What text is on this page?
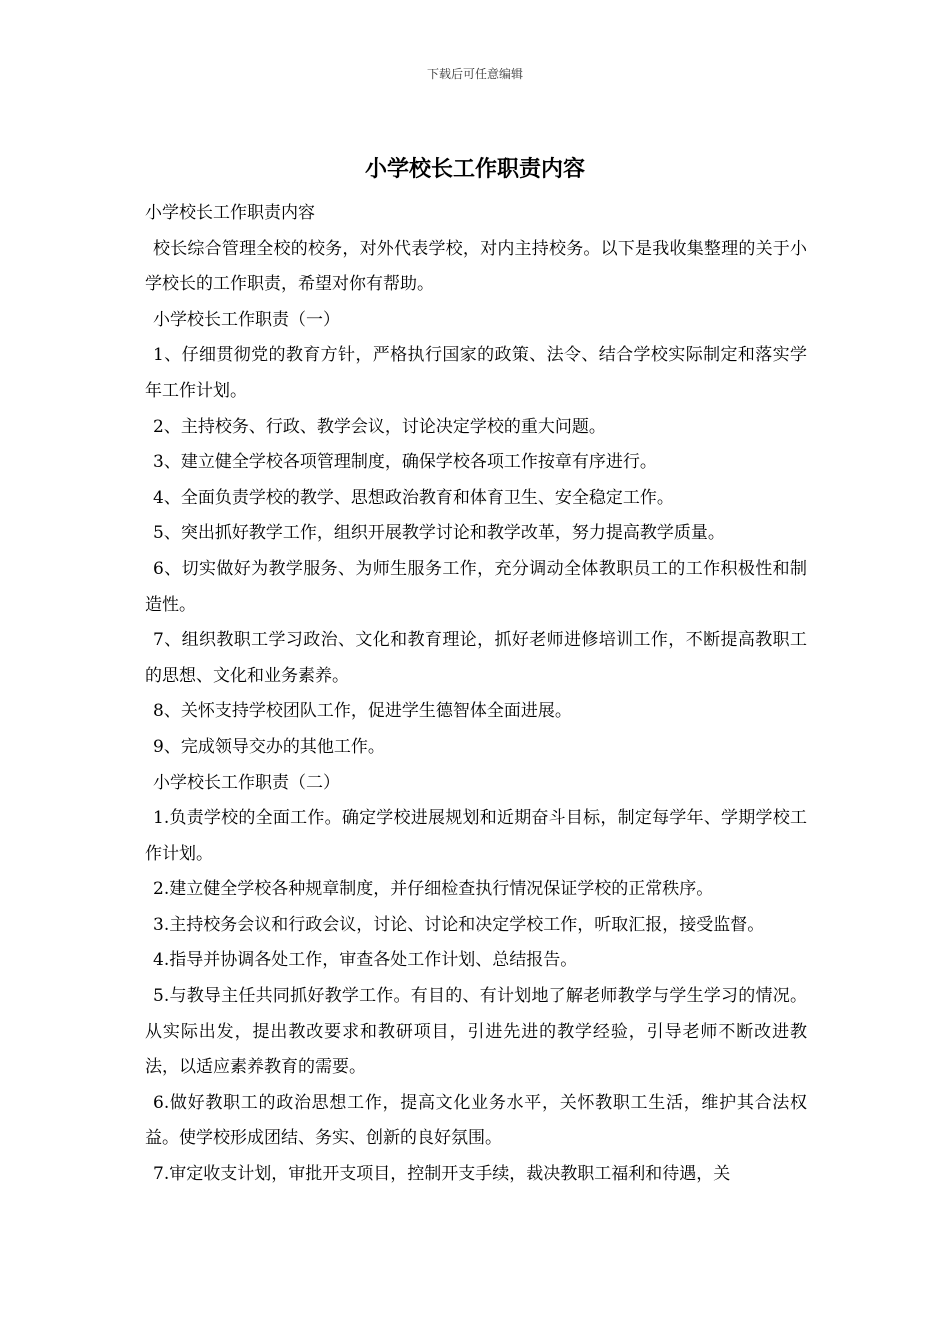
下载后可任意编辑
小学校长工作职责内容

小学校长工作职责内容

校长综合管理全校的校务，对外代表学校，对内主持校务。以下是我收集整理的关于小学校长的工作职责，希望对你有帮助。

小学校长工作职责（一）

1、仔细贯彻党的教育方针，严格执行国家的政策、法令、结合学校实际制定和落实学年工作计划。

2、主持校务、行政、教学会议，讨论决定学校的重大问题。

3、建立健全学校各项管理制度，确保学校各项工作按章有序进行。

4、全面负责学校的教学、思想政治教育和体育卫生、安全稳定工作。

5、突出抓好教学工作，组织开展教学讨论和教学改革，努力提高教学质量。

6、切实做好为教学服务、为师生服务工作，充分调动全体教职员工的工作积极性和制造性。

7、组织教职工学习政治、文化和教育理论，抓好老师进修培训工作，不断提高教职工的思想、文化和业务素养。

8、关怀支持学校团队工作，促进学生德智体全面进展。

9、完成领导交办的其他工作。

小学校长工作职责（二）

1.负责学校的全面工作。确定学校进展规划和近期奋斗目标，制定每学年、学期学校工作计划。

2.建立健全学校各种规章制度，并仔细检查执行情况保证学校的正常秩序。

3.主持校务会议和行政会议，讨论、讨论和决定学校工作，听取汇报，接受监督。

4.指导并协调各处工作，审查各处工作计划、总结报告。

5.与教导主任共同抓好教学工作。有目的、有计划地了解老师教学与学生学习的情况。从实际出发，提出教改要求和教研项目，引进先进的教学经验，引导老师不断改进教法，以适应素养教育的需要。

6.做好教职工的政治思想工作，提高文化业务水平，关怀教职工生活，维护其合法权益。使学校形成团结、务实、创新的良好氛围。

7.审定收支计划，审批开支项目，控制开支手续，裁决教职工福利和待遇，关
